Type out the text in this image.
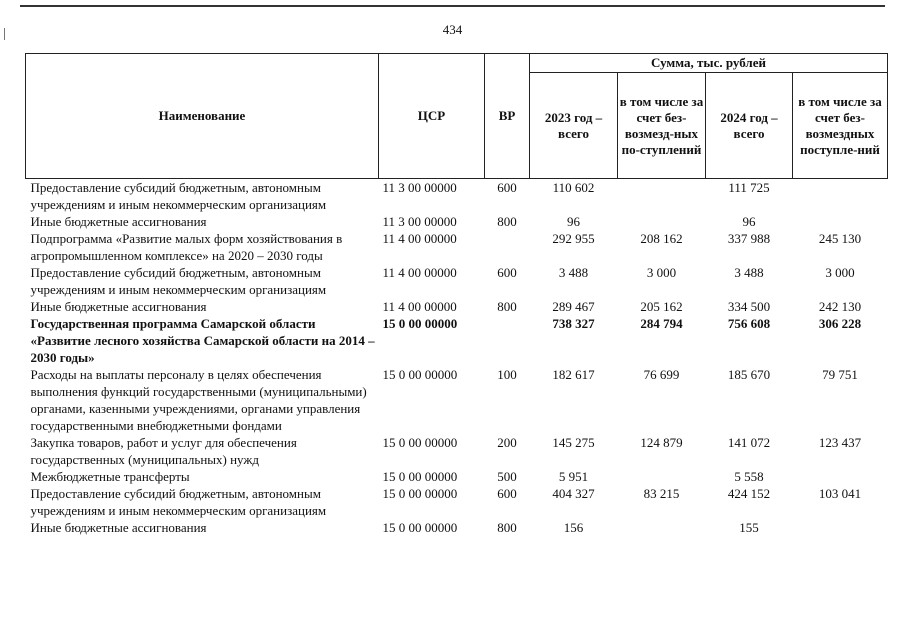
434
Наименование	ЦСР	ВР	Сумма, тыс. рублей			
			2023 год – всего	в том числе за счет без-возмезд-ных по-ступлений	2024 год – всего	в том числе за счет без-возмездных поступле-ний
Предоставление субсидий бюджетным, автономным учреждениям и иным некоммерческим организациям	11 3 00 00000	600	110 602		111 725	
Иные бюджетные ассигнования	11 3 00 00000	800	96		96	
Подпрограмма «Развитие малых форм хозяйствования в агропромышленном комплексе» на 2020 – 2030 годы	11 4 00 00000		292 955	208 162	337 988	245 130
Предоставление субсидий бюджетным, автономным учреждениям и иным некоммерческим организациям	11 4 00 00000	600	3 488	3 000	3 488	3 000
Иные бюджетные ассигнования	11 4 00 00000	800	289 467	205 162	334 500	242 130
Государственная программа Самарской области «Развитие лесного хозяйства Самарской области на 2014 – 2030 годы»	15 0 00 00000		738 327	284 794	756 608	306 228
Расходы на выплаты персоналу в целях обеспечения выполнения функций государственными (муниципальными) органами, казенными учреждениями, органами управления государственными внебюджетными фондами	15 0 00 00000	100	182 617	76 699	185 670	79 751
Закупка товаров, работ и услуг для обеспечения государственных (муниципальных) нужд	15 0 00 00000	200	145 275	124 879	141 072	123 437
Межбюджетные трансферты	15 0 00 00000	500	5 951		5 558	
Предоставление субсидий бюджетным, автономным учреждениям и иным некоммерческим организациям	15 0 00 00000	600	404 327	83 215	424 152	103 041
Иные бюджетные ассигнования	15 0 00 00000	800	156		155	
